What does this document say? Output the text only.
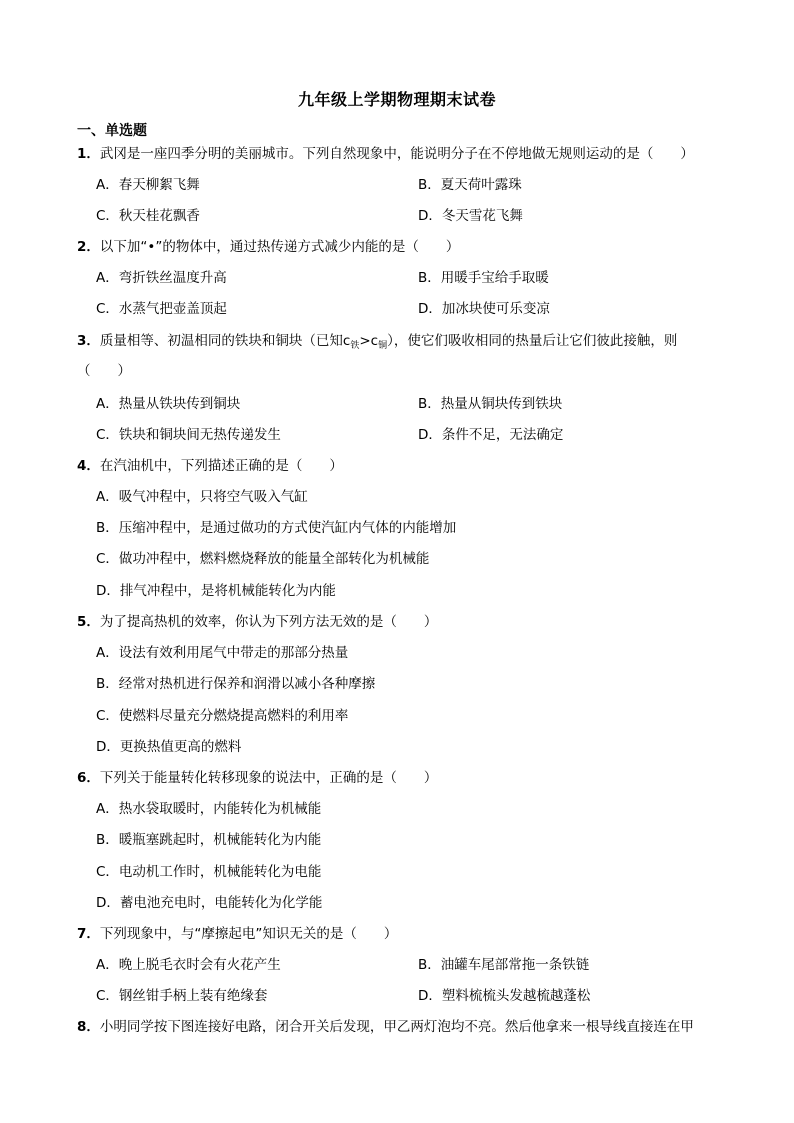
九年级上学期物理期末试卷
一、单选题
1．武冈是一座四季分明的美丽城市。下列自然现象中，能说明分子在不停地做无规则运动的是（　　）
A．春天柳絮飞舞	B．夏天荷叶露珠
C．秋天桂花飘香	D．冬天雪花飞舞
2．以下加“•”的物体中，通过热传递方式减少内能的是（　　）
A．弯折铁丝温度升高	B．用暖手宝给手取暖
C．水蒸气把壶盖顶起	D．加冰块使可乐变凉
3．质量相等、初温相同的铁块和铜块（已知$c_铁>c_铜$），使它们吸收相同的热量后让它们彼此接触，则
（　　）
A．热量从铁块传到铜块	B．热量从铜块传到铁块
C．铁块和铜块间无热传递发生	D．条件不足，无法确定
4．在汽油机中，下列描述正确的是（　　）
A．吸气冲程中，只将空气吸入气缸
B．压缩冲程中，是通过做功的方式使汽缸内气体的内能增加
C．做功冲程中，燃料燃烧释放的能量全部转化为机械能
D．排气冲程中，是将机械能转化为内能
5．为了提高热机的效率，你认为下列方法无效的是（　　）
A．设法有效利用尾气中带走的那部分热量
B．经常对热机进行保养和润滑以减小各种摩擦
C．使燃料尽量充分燃烧提高燃料的利用率
D．更换热值更高的燃料
6．下列关于能量转化转移现象的说法中，正确的是（　　）
A．热水袋取暖时，内能转化为机械能
B．暖瓶塞跳起时，机械能转化为内能
C．电动机工作时，机械能转化为电能
D．蓄电池充电时，电能转化为化学能
7．下列现象中，与“摩擦起电”知识无关的是（　　）
A．晚上脱毛衣时会有火花产生	B．油罐车尾部常拖一条铁链
C．钢丝钳手柄上装有绝缘套	D．塑料梳梳头发越梳越蓬松
8．小明同学按下图连接好电路，闭合开关后发现，甲乙两灯泡均不亮。然后他拿来一根导线直接连在甲
